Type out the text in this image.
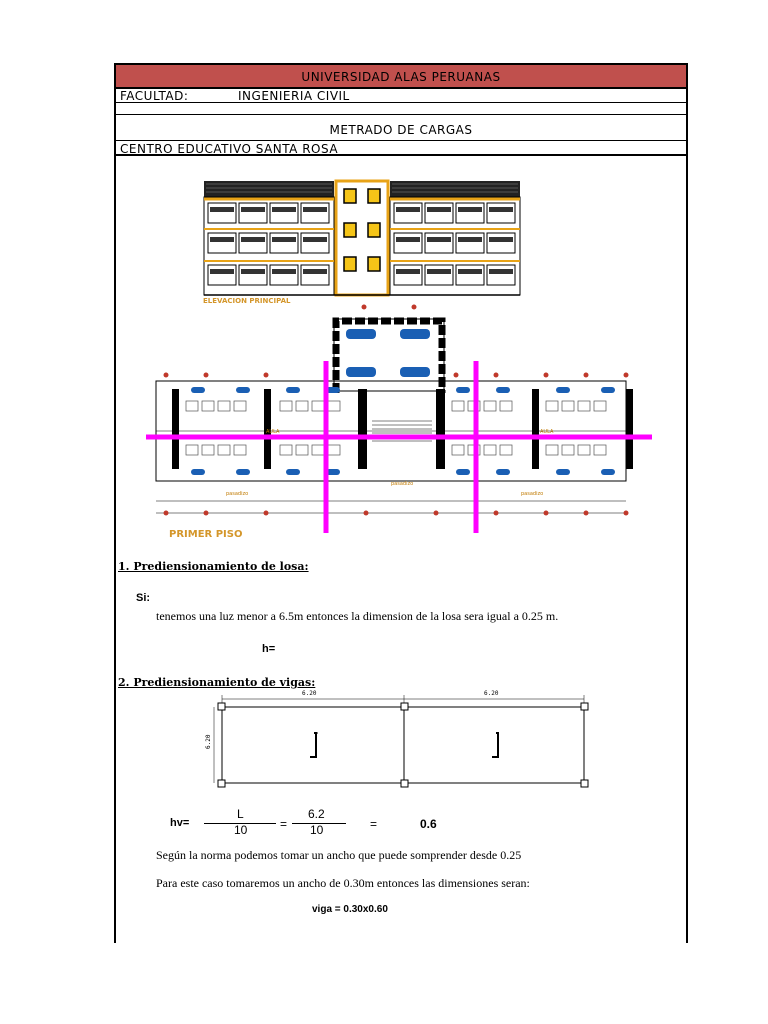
UNIVERSIDAD ALAS PERUANAS
FACULTAD:	INGENIERIA CIVIL
METRADO DE CARGAS
CENTRO EDUCATIVO SANTA ROSA
ELEVACION PRINCIPAL
pasadizo
pasadizo
pasadizo
AULA	AULA
PRIMER PISO
1. Prediensionamiento de losa:
Si:
tenemos una luz menor a 6.5m entonces la dimension de la losa sera igual a 0.25 m.
h=
2. Prediensionamiento de vigas:
6.20	6.20
6.20
hv=
L
10	=
6.2
10	=	0.6
Según la norma podemos tomar un ancho que puede somprender desde 0.25
Para este caso tomaremos un ancho de 0.30m entonces las dimensiones seran:
viga = 0.30x0.60
